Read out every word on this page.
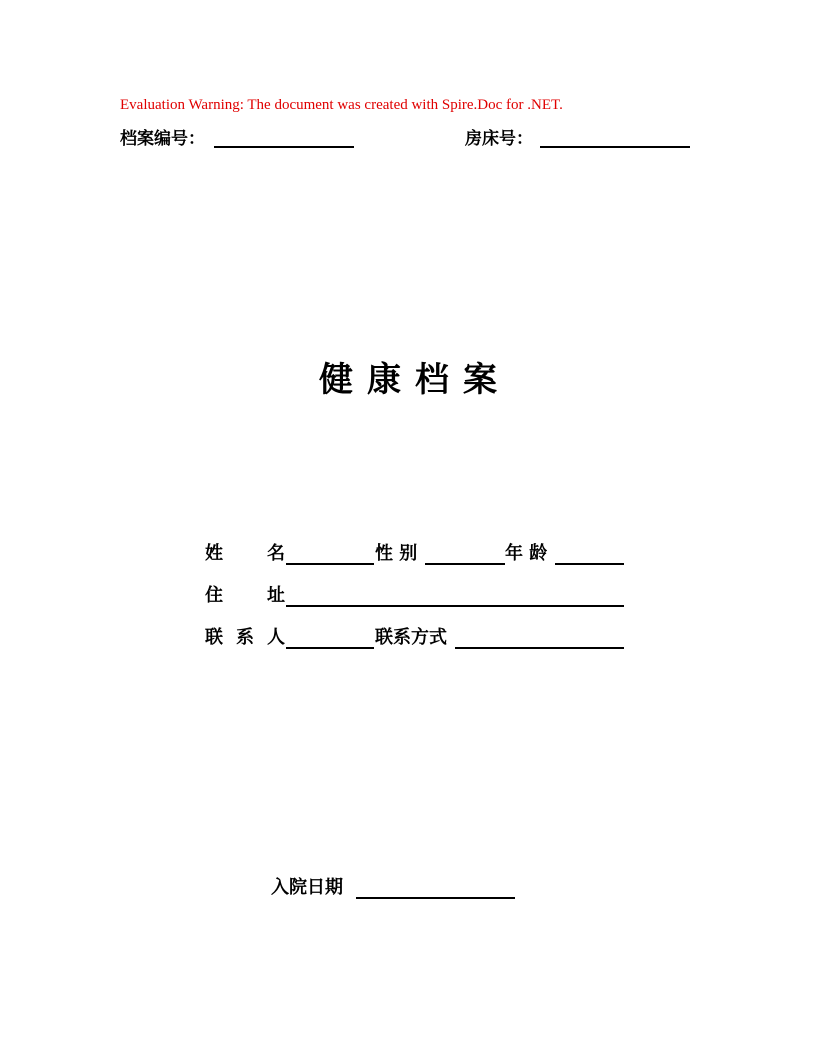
Evaluation Warning: The document was created with Spire.Doc for .NET.
档案编号：	房床号：
健康档案
姓　　名	性 别	年 龄
住　　址
联 系 人	联系方式
入院日期
